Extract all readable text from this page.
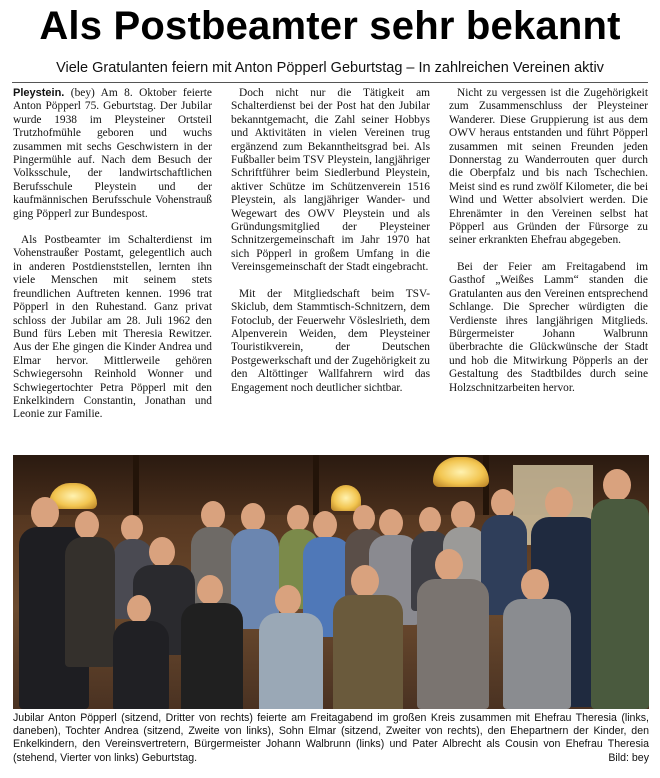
Als Postbeamter sehr bekannt
Viele Gratulanten feiern mit Anton Pöpperl Geburtstag – In zahlreichen Vereinen aktiv

Pleystein. (bey) Am 8. Oktober feierte Anton Pöpperl 75. Geburtstag. Der Jubilar wurde 1938 im Pleysteiner Ortsteil Trutzhofmühle geboren und wuchs zusammen mit sechs Geschwistern in der Pingermühle auf. Nach dem Besuch der Volksschule, der landwirtschaftlichen Berufsschule Pleystein und der kaufmännischen Berufsschule Vohenstrauß ging Pöpperl zur Bundespost.

Als Postbeamter im Schalterdienst im Vohenstraußer Postamt, gelegentlich auch in anderen Postdienststellen, lernten ihn viele Menschen mit seinem stets freundlichen Auftreten kennen. 1996 trat Pöpperl in den Ruhestand. Ganz privat schloss der Jubilar am 28. Juli 1962 den Bund fürs Leben mit Theresia Rewitzer. Aus der Ehe gingen die Kinder Andrea und Elmar hervor. Mittlerweile gehören Schwiegersohn Reinhold Wonner und Schwiegertochter Petra Pöpperl mit den Enkelkindern Constantin, Jonathan und Leonie zur Familie.

Doch nicht nur die Tätigkeit am Schalterdienst bei der Post hat den Jubilar bekanntgemacht, die Zahl seiner Hobbys und Aktivitäten in vielen Vereinen trug ergänzend zum Bekanntheitsgrad bei. Als Fußballer beim TSV Pleystein, langjähriger Schriftführer beim Siedlerbund Pleystein, aktiver Schütze im Schützenverein 1516 Pleystein, als langjähriger Wander- und Wegewart des OWV Pleystein und als Gründungsmitglied der Pleysteiner Schnitzergemeinschaft im Jahr 1970 hat sich Pöpperl in großem Umfang in die Vereinsgemeinschaft der Stadt eingebracht.

Mit der Mitgliedschaft beim TSV-Skiclub, dem Stammtisch-Schnitzern, dem Fotoclub, der Feuerwehr Vösleslrieth, dem Alpenverein Weiden, dem Pleysteiner Touristikverein, der Deutschen Postgewerkschaft und der Zugehörigkeit zu den Altöttinger Wallfahrern wird das Engagement noch deutlicher sichtbar.

Nicht zu vergessen ist die Zugehörigkeit zum Zusammenschluss der Pleysteiner Wanderer. Diese Gruppierung ist aus dem OWV heraus entstanden und führt Pöpperl zusammen mit seinen Freunden jeden Donnerstag zu Wanderrouten quer durch die Oberpfalz und bis nach Tschechien. Meist sind es rund zwölf Kilometer, die bei Wind und Wetter absolviert werden. Die Ehrenämter in den Vereinen selbst hat Pöpperl aus Gründen der Fürsorge zu seiner erkrankten Ehefrau abgegeben.

Bei der Feier am Freitagabend im Gasthof „Weißes Lamm“ standen die Gratulanten aus den Vereinen entsprechend Schlange. Die Sprecher würdigten die Verdienste ihres langjährigen Mitglieds. Bürgermeister Johann Walbrunn überbrachte die Glückwünsche der Stadt und hob die Mitwirkung Pöpperls an der Gestaltung des Stadtbildes durch seine Holzschnitzarbeiten hervor.

Jubilar Anton Pöpperl (sitzend, Dritter von rechts) feierte am Freitagabend im großen Kreis zusammen mit Ehefrau Theresia (links, daneben), Tochter Andrea (sitzend, Zweite von links), Sohn Elmar (sitzend, Zweiter von rechts), den Ehepartnern der Kinder, den Enkelkindern, den Vereinsvertretern, Bürgermeister Johann Walbrunn (links) und Pater Albrecht als Cousin von Ehefrau Theresia (stehend, Vierter von links) Geburtstag.	Bild: bey
